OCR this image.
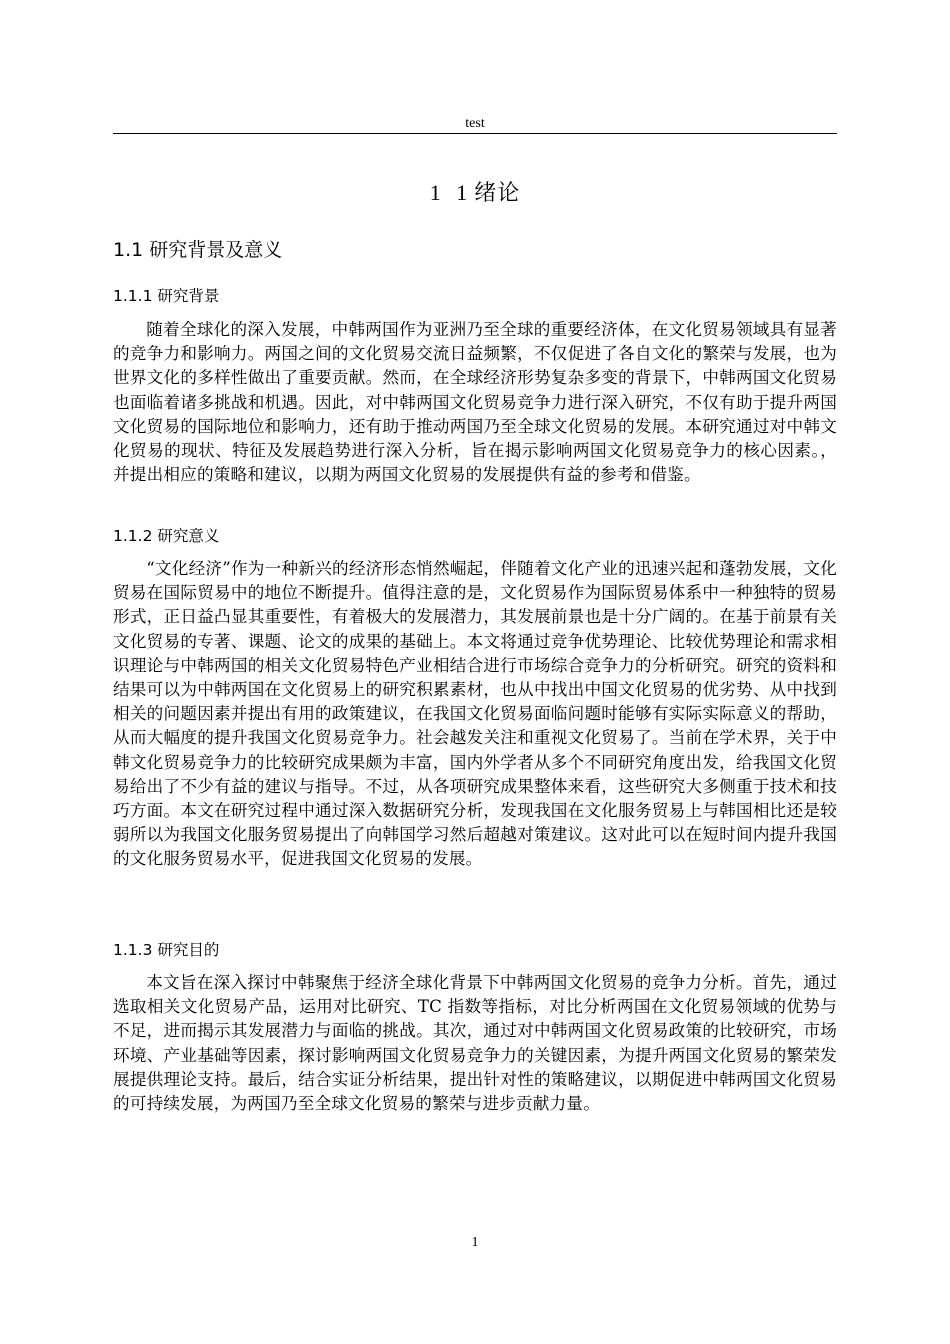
test
1 1 绪论
1.1 研究背景及意义
1.1.1 研究背景

随着全球化的深入发展，中韩两国作为亚洲乃至全球的重要经济体，在文化贸易领域具有显著的竞争力和影响力。两国之间的文化贸易交流日益频繁，不仅促进了各自文化的繁荣与发展，也为世界文化的多样性做出了重要贡献。然而，在全球经济形势复杂多变的背景下，中韩两国文化贸易也面临着诸多挑战和机遇。因此，对中韩两国文化贸易竞争力进行深入研究，不仅有助于提升两国文化贸易的国际地位和影响力，还有助于推动两国乃至全球文化贸易的发展。本研究通过对中韩文化贸易的现状、特征及发展趋势进行深入分析，旨在揭示影响两国文化贸易竞争力的核心因素。，并提出相应的策略和建议，以期为两国文化贸易的发展提供有益的参考和借鉴。

1.1.2 研究意义

“文化经济”作为一种新兴的经济形态悄然崛起，伴随着文化产业的迅速兴起和蓬勃发展，文化贸易在国际贸易中的地位不断提升。值得注意的是，文化贸易作为国际贸易体系中一种独特的贸易形式，正日益凸显其重要性，有着极大的发展潜力，其发展前景也是十分广阔的。在基于前景有关文化贸易的专著、课题、论文的成果的基础上。本文将通过竞争优势理论、比较优势理论和需求相识理论与中韩两国的相关文化贸易特色产业相结合进行市场综合竞争力的分析研究。研究的资料和结果可以为中韩两国在文化贸易上的研究积累素材，也从中找出中国文化贸易的优劣势、从中找到相关的问题因素并提出有用的政策建议，在我国文化贸易面临问题时能够有实际实际意义的帮助，从而大幅度的提升我国文化贸易竞争力。社会越发关注和重视文化贸易了。当前在学术界，关于中韩文化贸易竞争力的比较研究成果颇为丰富，国内外学者从多个不同研究角度出发，给我国文化贸易给出了不少有益的建议与指导。不过，从各项研究成果整体来看，这些研究大多侧重于技术和技巧方面。本文在研究过程中通过深入数据研究分析，发现我国在文化服务贸易上与韩国相比还是较弱所以为我国文化服务贸易提出了向韩国学习然后超越对策建议。这对此可以在短时间内提升我国的文化服务贸易水平，促进我国文化贸易的发展。

1.1.3 研究目的

本文旨在深入探讨中韩聚焦于经济全球化背景下中韩两国文化贸易的竞争力分析。首先，通过选取相关文化贸易产品，运用对比研究、TC 指数等指标，对比分析两国在文化贸易领域的优势与不足，进而揭示其发展潜力与面临的挑战。其次，通过对中韩两国文化贸易政策的比较研究，市场环境、产业基础等因素，探讨影响两国文化贸易竞争力的关键因素，为提升两国文化贸易的繁荣发展提供理论支持。最后，结合实证分析结果，提出针对性的策略建议，以期促进中韩两国文化贸易的可持续发展，为两国乃至全球文化贸易的繁荣与进步贡献力量。

1
